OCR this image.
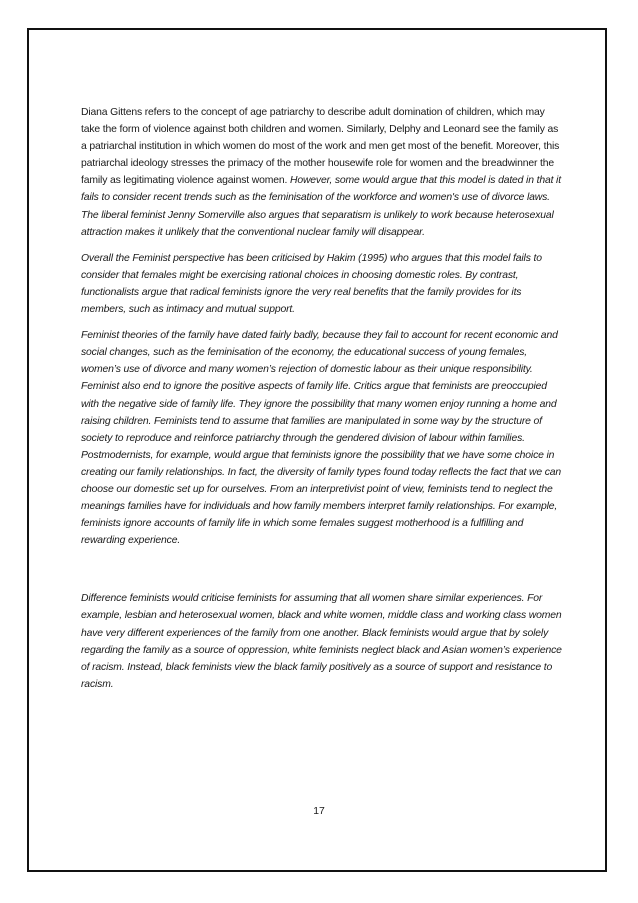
Diana Gittens refers to the concept of age patriarchy to describe adult domination of children, which may take the form of violence against both children and women. Similarly, Delphy and Leonard see the family as a patriarchal institution in which women do most of the work and men get most of the benefit. Moreover, this patriarchal ideology stresses the primacy of the mother housewife role for women and the breadwinner the family as legitimating violence against women. However, some would argue that this model is dated in that it fails to consider recent trends such as the feminisation of the workforce and women's use of divorce laws. The liberal feminist Jenny Somerville also argues that separatism is unlikely to work because heterosexual attraction makes it unlikely that the conventional nuclear family will disappear.

Overall the Feminist perspective has been criticised by Hakim (1995) who argues that this model fails to consider that females might be exercising rational choices in choosing domestic roles. By contrast, functionalists argue that radical feminists ignore the very real benefits that the family provides for its members, such as intimacy and mutual support.

Feminist theories of the family have dated fairly badly, because they fail to account for recent economic and social changes, such as the feminisation of the economy, the educational success of young females, women’s use of divorce and many women’s rejection of domestic labour as their unique responsibility. Feminist also end to ignore the positive aspects of family life. Critics argue that feminists are preoccupied with the negative side of family life. They ignore the possibility that many women enjoy running a home and raising children. Feminists tend to assume that families are manipulated in some way by the structure of society to reproduce and reinforce patriarchy through the gendered division of labour within families. Postmodernists, for example, would argue that feminists ignore the possibility that we have some choice in creating our family relationships. In fact, the diversity of family types found today reflects the fact that we can choose our domestic set up for ourselves. From an interpretivist point of view, feminists tend to neglect the meanings families have for individuals and how family members interpret family relationships. For example, feminists ignore accounts of family life in which some females suggest motherhood is a fulfilling and rewarding experience.

Difference feminists would criticise feminists for assuming that all women share similar experiences. For example, lesbian and heterosexual women, black and white women, middle class and working class women have very different experiences of the family from one another. Black feminists would argue that by solely regarding the family as a source of oppression, white feminists neglect black and Asian women’s experience of racism. Instead, black feminists view the black family positively as a source of support and resistance to racism.

17
